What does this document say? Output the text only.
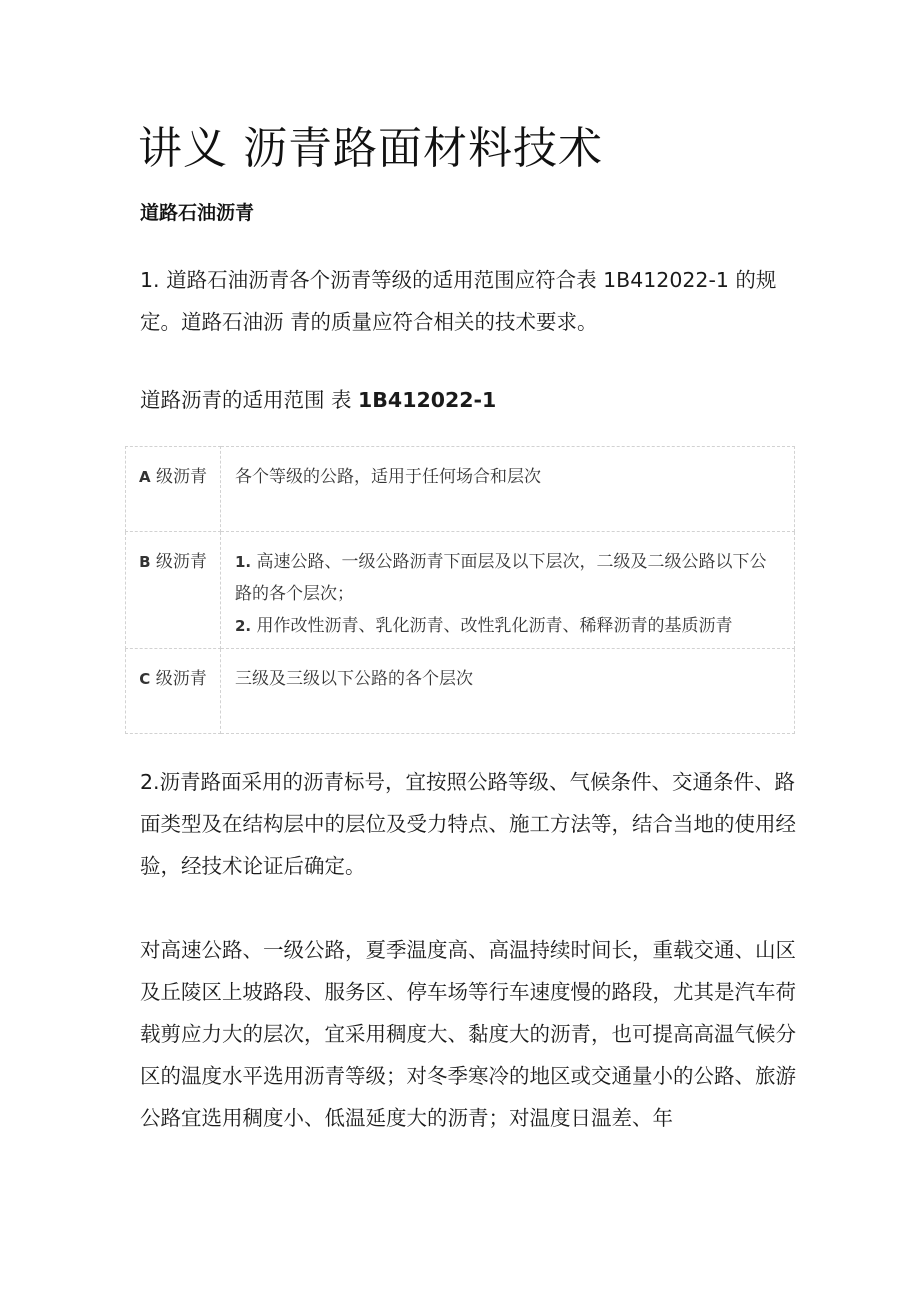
讲义 沥青路面材料技术
道路石油沥青

1. 道路石油沥青各个沥青等级的适用范围应符合表 1B412022-1 的规定。道路石油沥 青的质量应符合相关的技术要求。

道路沥青的适用范围 表 1B412022-1

A 级沥青	各个等级的公路，适用于任何场合和层次
B 级沥青	1. 高速公路、一级公路沥青下面层及以下层次，二级及二级公路以下公路的各个层次；
2. 用作改性沥青、乳化沥青、改性乳化沥青、稀释沥青的基质沥青

C 级沥青	三级及三级以下公路的各个层次

2.沥青路面采用的沥青标号，宜按照公路等级、气候条件、交通条件、路面类型及在结构层中的层位及受力特点、施工方法等，结合当地的使用经验，经技术论证后确定。

对高速公路、一级公路，夏季温度高、高温持续时间长，重载交通、山区及丘陵区上坡路段、服务区、停车场等行车速度慢的路段，尤其是汽车荷载剪应力大的层次，宜采用稠度大、黏度大的沥青，也可提高高温气候分区的温度水平选用沥青等级；对冬季寒冷的地区或交通量小的公路、旅游公路宜选用稠度小、低温延度大的沥青；对温度日温差、年
